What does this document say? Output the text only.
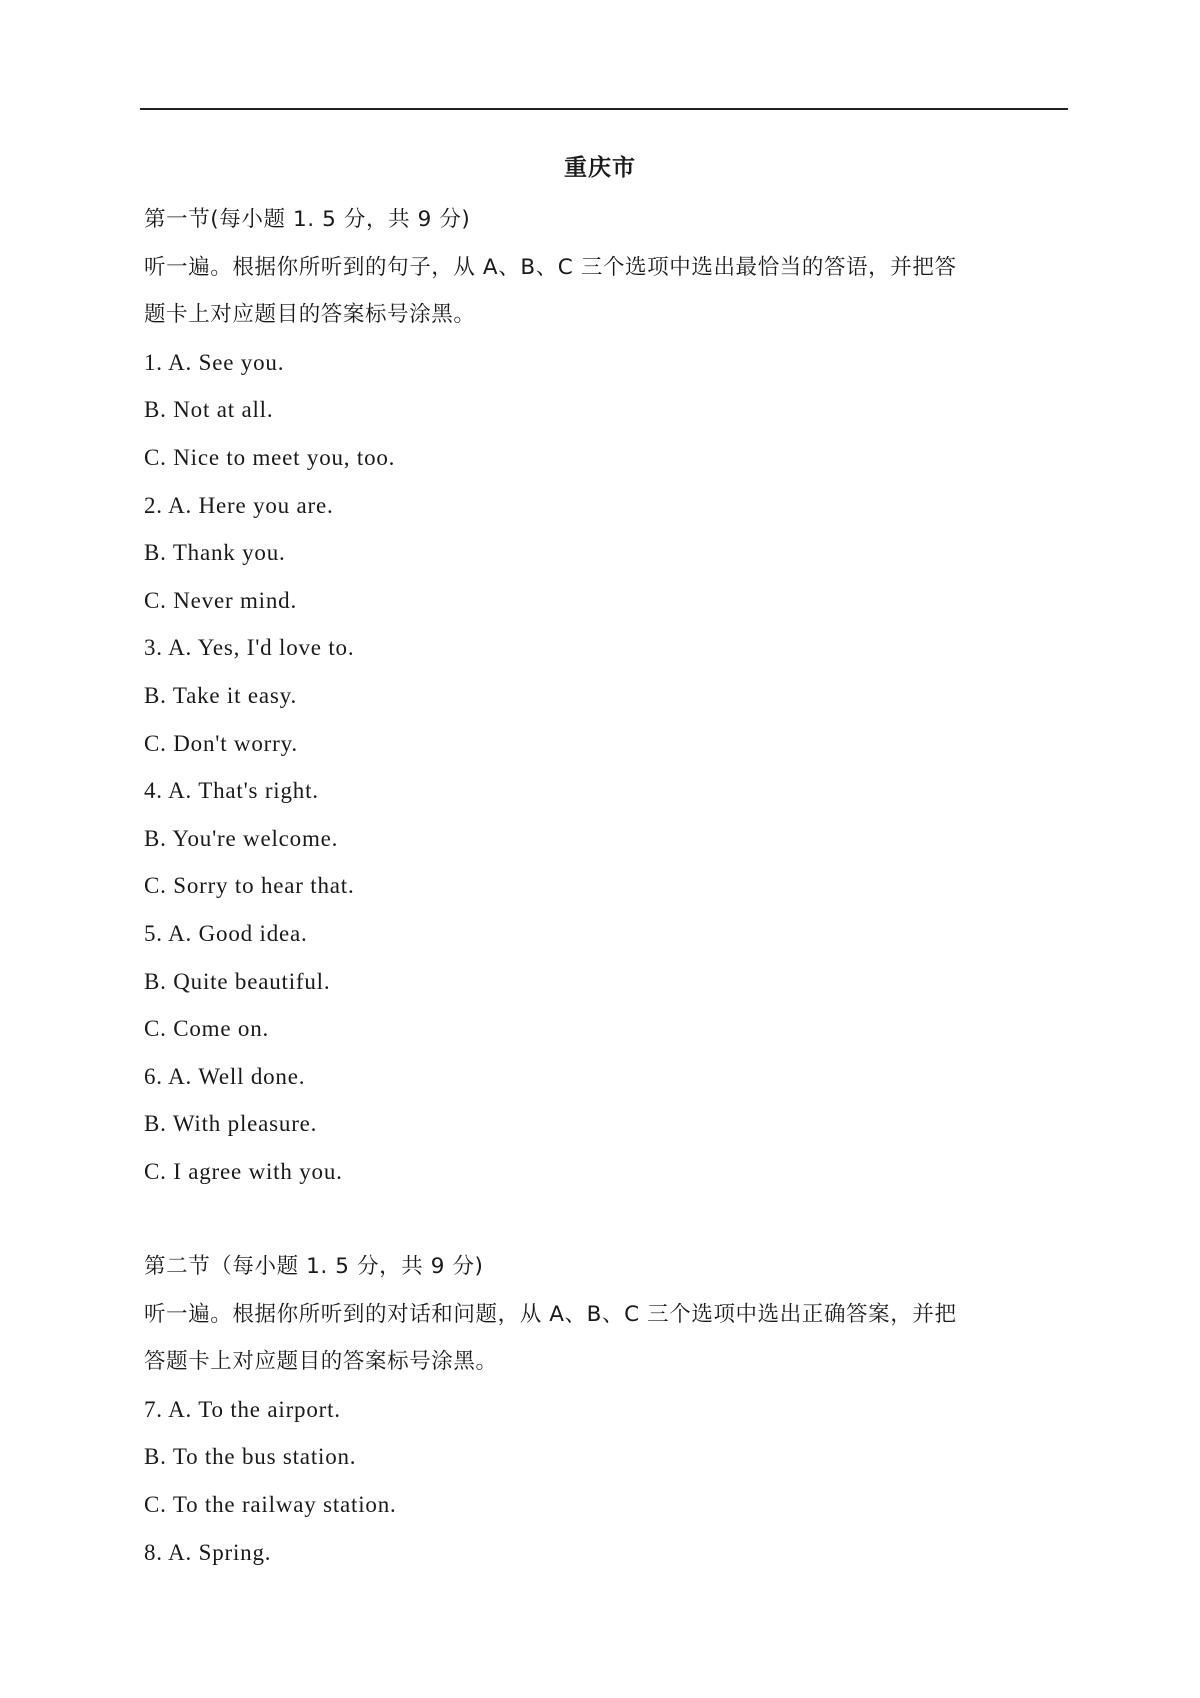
重庆市
第一节(每小题 1. 5 分，共 9 分)
听一遍。根据你所听到的句子，从 A、B、C 三个选项中选出最恰当的答语，并把答
题卡上对应题目的答案标号涂黑。
1. A. See you.
B. Not at all.
C. Nice to meet you, too.
2. A. Here you are.
B. Thank you.
C. Never mind.
3. A. Yes, I'd love to.
B. Take it easy.
C. Don't worry.
4. A. That's right.
B. You're welcome.
C. Sorry to hear that.
5. A. Good idea.
B. Quite beautiful.
C. Come on.
6. A. Well done.
B. With pleasure.
C. I agree with you.
第二节（每小题 1. 5 分，共 9 分)
听一遍。根据你所听到的对话和问题，从 A、B、C 三个选项中选出正确答案，并把
答题卡上对应题目的答案标号涂黑。
7. A. To the airport.
B. To the bus station.
C. To the railway station.
8. A. Spring.
